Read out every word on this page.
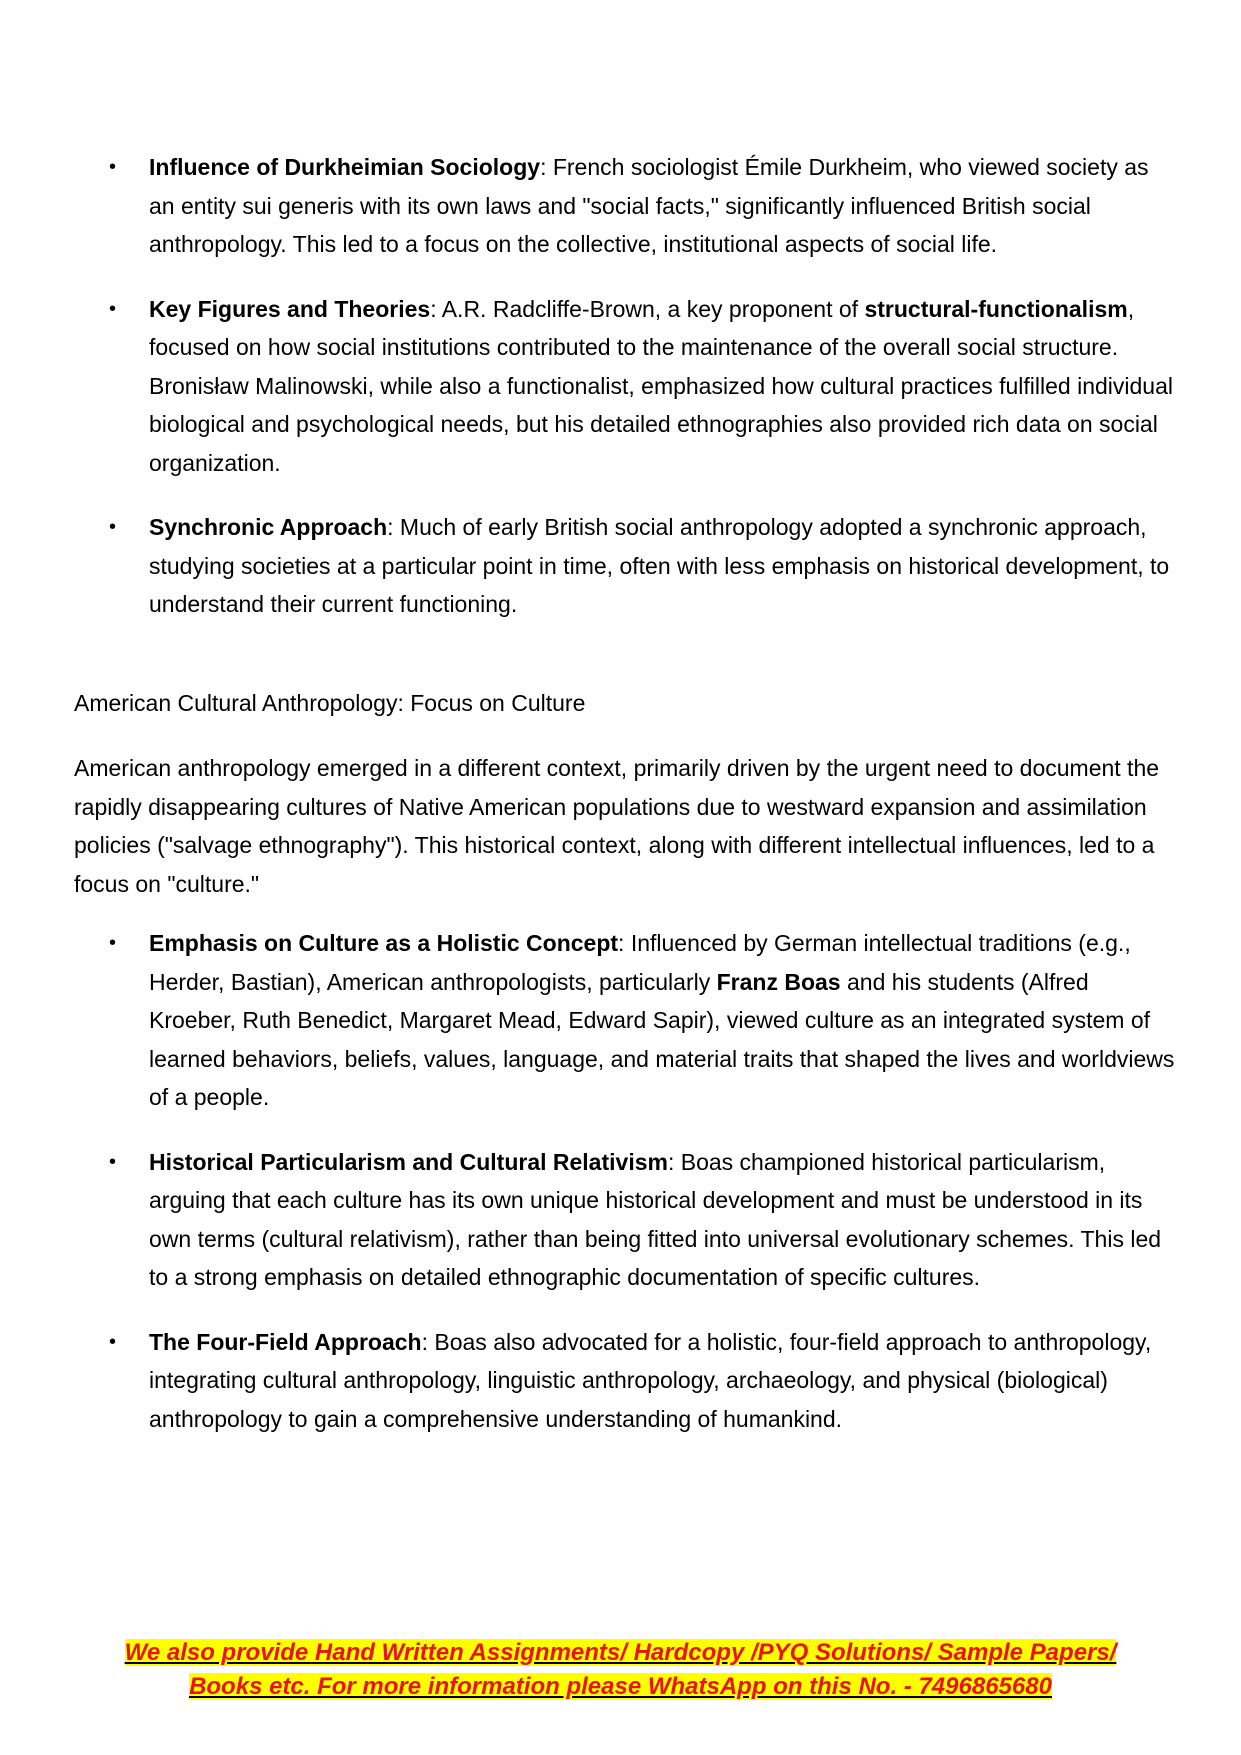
• Influence of Durkheimian Sociology: French sociologist Émile Durkheim, who viewed society as an entity sui generis with its own laws and "social facts," significantly influenced British social anthropology. This led to a focus on the collective, institutional aspects of social life.
• Key Figures and Theories: A.R. Radcliffe-Brown, a key proponent of structural-functionalism, focused on how social institutions contributed to the maintenance of the overall social structure. Bronisław Malinowski, while also a functionalist, emphasized how cultural practices fulfilled individual biological and psychological needs, but his detailed ethnographies also provided rich data on social organization.
• Synchronic Approach: Much of early British social anthropology adopted a synchronic approach, studying societies at a particular point in time, often with less emphasis on historical development, to understand their current functioning.
American Cultural Anthropology: Focus on Culture
American anthropology emerged in a different context, primarily driven by the urgent need to document the rapidly disappearing cultures of Native American populations due to westward expansion and assimilation policies ("salvage ethnography"). This historical context, along with different intellectual influences, led to a focus on "culture."
• Emphasis on Culture as a Holistic Concept: Influenced by German intellectual traditions (e.g., Herder, Bastian), American anthropologists, particularly Franz Boas and his students (Alfred Kroeber, Ruth Benedict, Margaret Mead, Edward Sapir), viewed culture as an integrated system of learned behaviors, beliefs, values, language, and material traits that shaped the lives and worldviews of a people.
• Historical Particularism and Cultural Relativism: Boas championed historical particularism, arguing that each culture has its own unique historical development and must be understood in its own terms (cultural relativism), rather than being fitted into universal evolutionary schemes. This led to a strong emphasis on detailed ethnographic documentation of specific cultures.
• The Four-Field Approach: Boas also advocated for a holistic, four-field approach to anthropology, integrating cultural anthropology, linguistic anthropology, archaeology, and physical (biological) anthropology to gain a comprehensive understanding of humankind.
We also provide Hand Written Assignments/ Hardcopy /PYQ Solutions/ Sample Papers/
Books etc. For more information please WhatsApp on this No. - 7496865680
